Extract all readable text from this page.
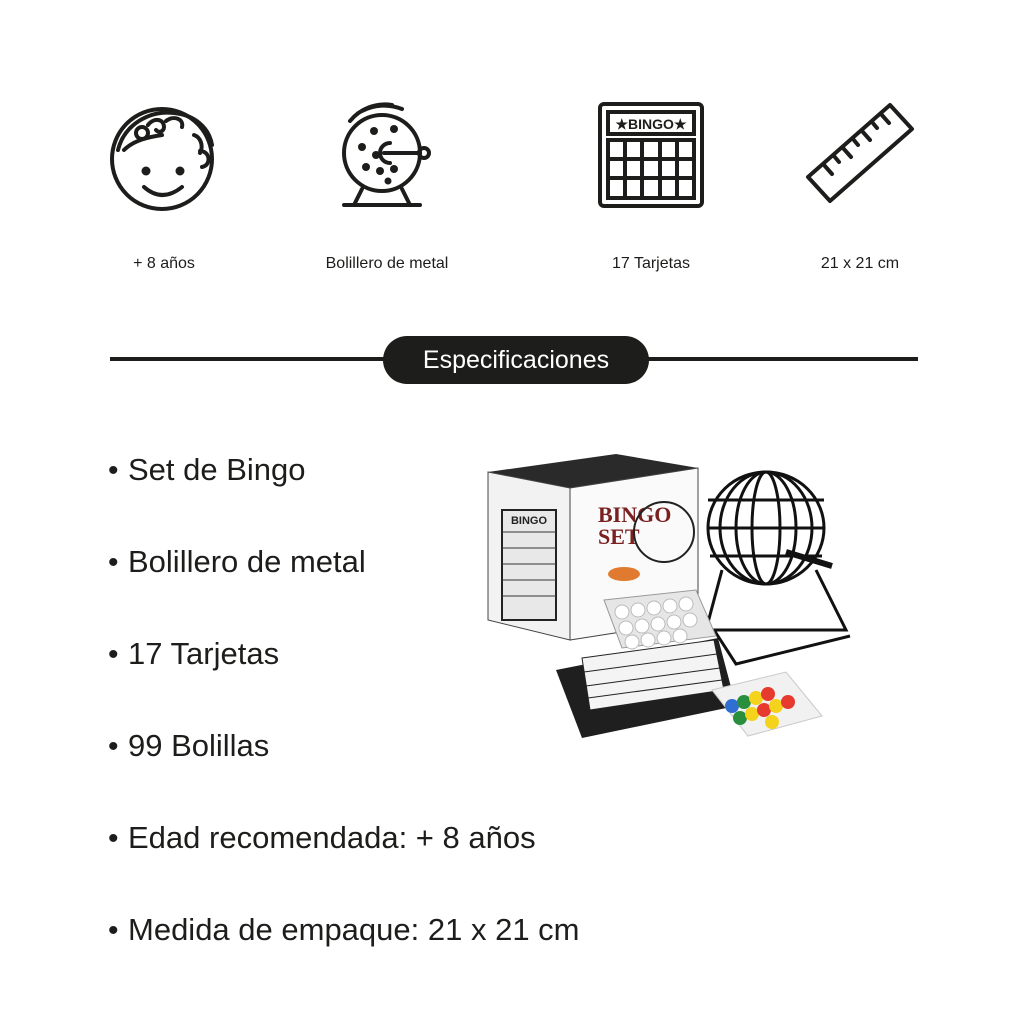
+ 8 años	Bolillero de metal
★BINGO★
17 Tarjetas	21 x 21 cm
Especificaciones
• Set de Bingo
• Bolillero de metal
• 17 Tarjetas
• 99 Bolillas
• Edad recomendada: + 8 años
• Medida de empaque: 21 x 21 cm
BINGO BINGO
SET
